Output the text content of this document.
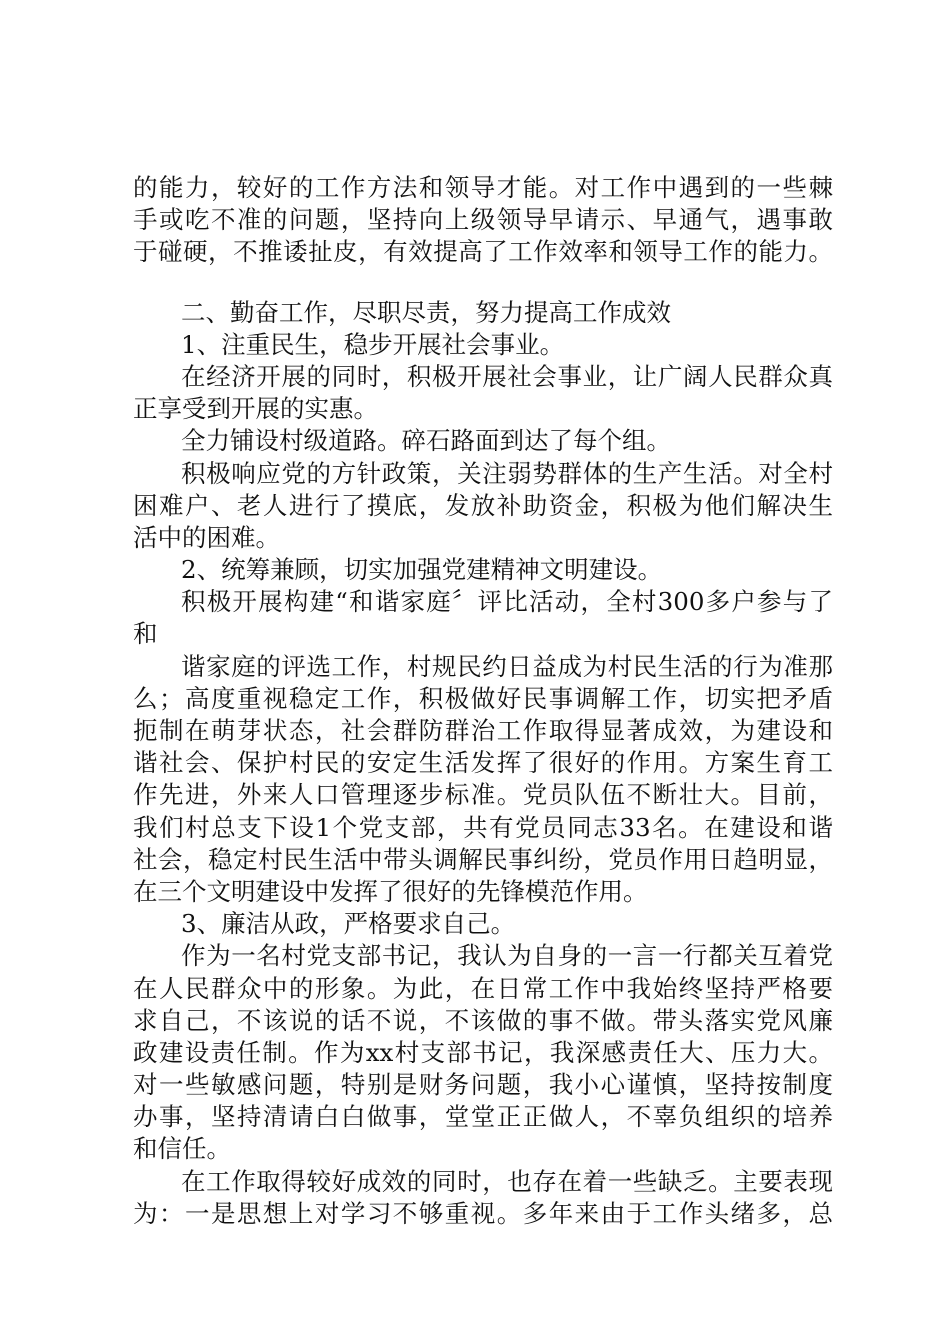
的能力，较好的工作方法和领导才能。对工作中遇到的一些棘
手或吃不准的问题，坚持向上级领导早请示、早通气，遇事敢
于碰硬，不推诿扯皮，有效提高了工作效率和领导工作的能力。
二、勤奋工作，尽职尽责，努力提高工作成效
1、注重民生，稳步开展社会事业。
在经济开展的同时，积极开展社会事业，让广阔人民群众真
正享受到开展的实惠。
全力铺设村级道路。碎石路面到达了每个组。
积极响应党的方针政策，关注弱势群体的生产生活。对全村
困难户、老人进行了摸底，发放补助资金，积极为他们解决生
活中的困难。
2、统筹兼顾，切实加强党建精神文明建设。
积极开展构建“和谐家庭〞评比活动，全村300多户参与了
和
谐家庭的评选工作，村规民约日益成为村民生活的行为准那
么；高度重视稳定工作，积极做好民事调解工作，切实把矛盾
扼制在萌芽状态，社会群防群治工作取得显著成效，为建设和
谐社会、保护村民的安定生活发挥了很好的作用。方案生育工
作先进，外来人口管理逐步标准。党员队伍不断壮大。目前，
我们村总支下设1个党支部，共有党员同志33名。在建设和谐
社会，稳定村民生活中带头调解民事纠纷，党员作用日趋明显，
在三个文明建设中发挥了很好的先锋模范作用。
3、廉洁从政，严格要求自己。
作为一名村党支部书记，我认为自身的一言一行都关互着党
在人民群众中的形象。为此，在日常工作中我始终坚持严格要
求自己，不该说的话不说，不该做的事不做。带头落实党风廉
政建设责任制。作为xx村支部书记，我深感责任大、压力大。
对一些敏感问题，特别是财务问题，我小心谨慎，坚持按制度
办事，坚持清请白白做事，堂堂正正做人，不辜负组织的培养
和信任。
在工作取得较好成效的同时，也存在着一些缺乏。主要表现
为：一是思想上对学习不够重视。多年来由于工作头绪多，总
